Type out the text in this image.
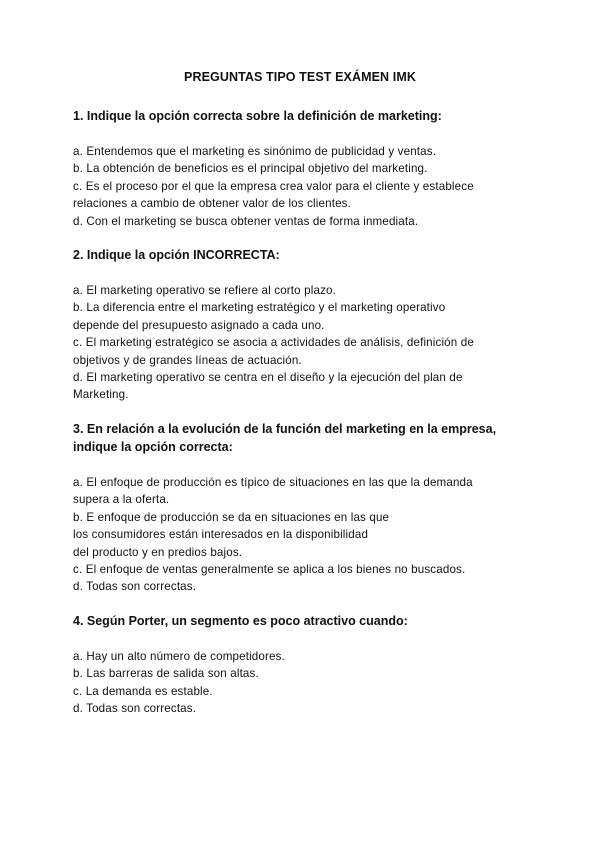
PREGUNTAS TIPO TEST EXÁMEN IMK
1. Indique la opción correcta sobre la definición de marketing:
a. Entendemos que el marketing es sinónimo de publicidad y ventas.
b. La obtención de beneficios es el principal objetivo del marketing.
c. Es el proceso por el que la empresa crea valor para el cliente y establece
relaciones a cambio de obtener valor de los clientes.
d. Con el marketing se busca obtener ventas de forma inmediata.
2. Indique la opción INCORRECTA:
a. El marketing operativo se refiere al corto plazo.
b. La diferencia entre el marketing estratégico y el marketing operativo
depende del presupuesto asignado a cada uno.
c. El marketing estratégico se asocia a actividades de análisis, definición de
objetivos y de grandes líneas de actuación.
d. El marketing operativo se centra en el diseño y la ejecución del plan de
Marketing.
3. En relación a la evolución de la función del marketing en la empresa,
indique la opción correcta:
a. El enfoque de producción es típico de situaciones en las que la demanda
supera a la oferta.
b. E enfoque de producción se da en situaciones en las que
los consumidores están interesados en la disponibilidad
del producto y en predios bajos.
c. El enfoque de ventas generalmente se aplica a los bienes no buscados.
d. Todas son correctas.
4. Según Porter, un segmento es poco atractivo cuando:
a. Hay un alto número de competidores.
b. Las barreras de salida son altas.
c. La demanda es estable.
d. Todas son correctas.
